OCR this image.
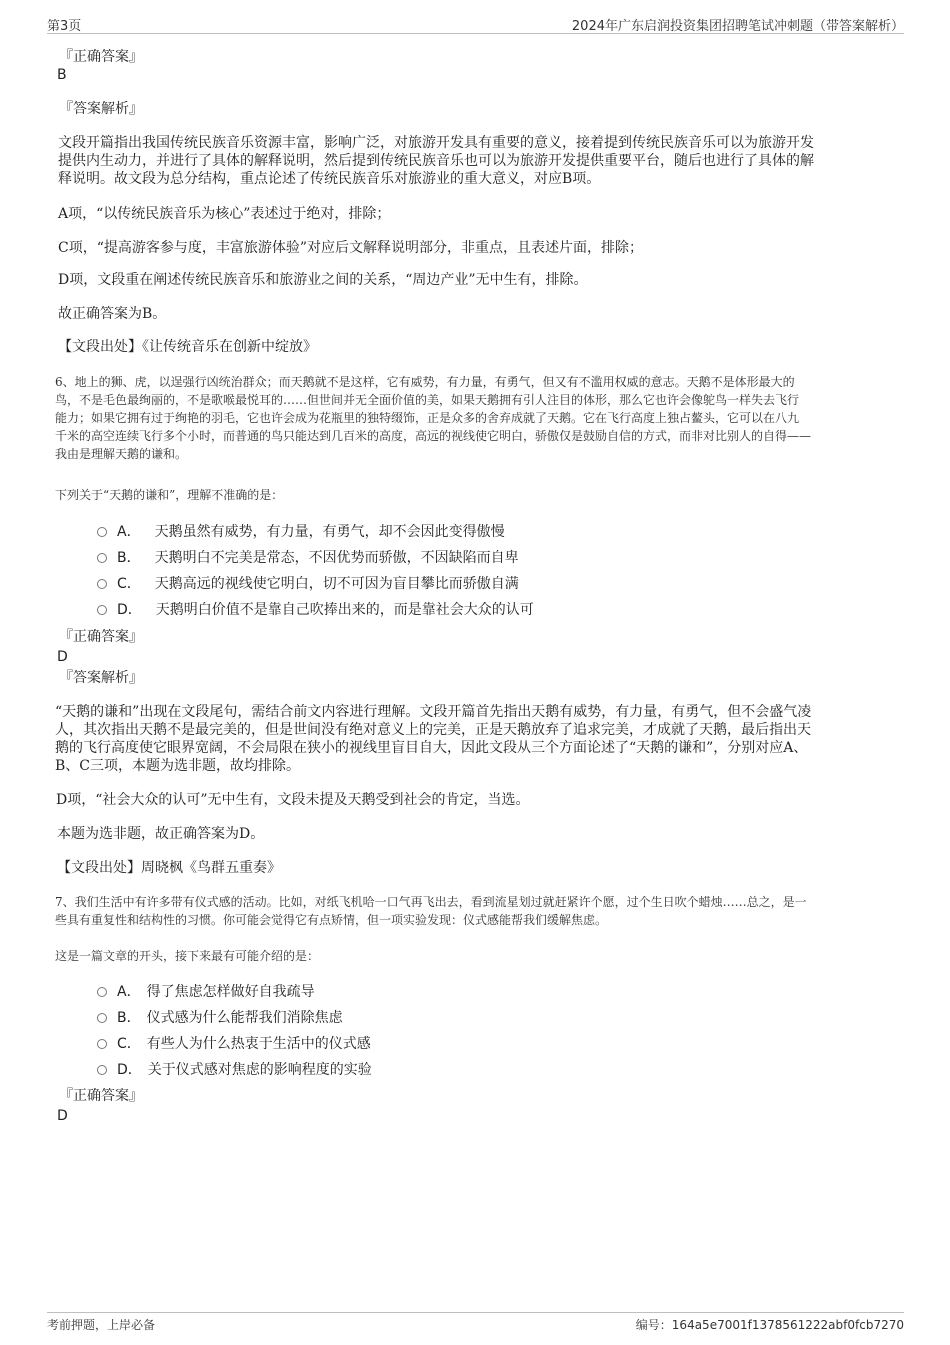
第3页	2024年广东启润投资集团招聘笔试冲刺题（带答案解析）
『正确答案』
B
『答案解析』
文段开篇指出我国传统民族音乐资源丰富，影响广泛，对旅游开发具有重要的意义，接着提到传统民族音乐可以为旅游开发
提供内生动力，并进行了具体的解释说明，然后提到传统民族音乐也可以为旅游开发提供重要平台，随后也进行了具体的解
释说明。故文段为总分结构，重点论述了传统民族音乐对旅游业的重大意义，对应B项。
A项，“以传统民族音乐为核心”表述过于绝对，排除；
C项，“提高游客参与度，丰富旅游体验”对应后文解释说明部分，非重点，且表述片面，排除；
D项，文段重在阐述传统民族音乐和旅游业之间的关系，“周边产业”无中生有，排除。
故正确答案为B。
【文段出处】《让传统音乐在创新中绽放》
6、地上的狮、虎，以逞强行凶统治群众；而天鹅就不是这样，它有威势，有力量，有勇气，但又有不滥用权威的意志。天鹅不是体形最大的
鸟，不是毛色最绚丽的，不是歌喉最悦耳的……但世间并无全面价值的美，如果天鹅拥有引人注目的体形，那么它也许会像鸵鸟一样失去飞行
能力；如果它拥有过于绚艳的羽毛，它也许会成为花瓶里的独特缀饰，正是众多的舍弃成就了天鹅。它在飞行高度上独占鳌头，它可以在八九
千米的高空连续飞行多个小时，而普通的鸟只能达到几百米的高度，高远的视线使它明白，骄傲仅是鼓励自信的方式，而非对比别人的自得——
我由是理解天鹅的谦和。
下列关于“天鹅的谦和”，理解不准确的是：
A． 天鹅虽然有威势，有力量，有勇气，却不会因此变得傲慢
B． 天鹅明白不完美是常态，不因优势而骄傲，不因缺陷而自卑
C． 天鹅高远的视线使它明白，切不可因为盲目攀比而骄傲自满
D． 天鹅明白价值不是靠自己吹捧出来的，而是靠社会大众的认可
『正确答案』
D
『答案解析』
“天鹅的谦和”出现在文段尾句，需结合前文内容进行理解。文段开篇首先指出天鹅有威势，有力量，有勇气，但不会盛气凌
人，其次指出天鹅不是最完美的，但是世间没有绝对意义上的完美，正是天鹅放弃了追求完美，才成就了天鹅，最后指出天
鹅的飞行高度使它眼界宽阔，不会局限在狭小的视线里盲目自大，因此文段从三个方面论述了“天鹅的谦和”，分别对应A、
B、C三项，本题为选非题，故均排除。
D项，“社会大众的认可”无中生有，文段未提及天鹅受到社会的肯定，当选。
本题为选非题，故正确答案为D。
【文段出处】周晓枫《鸟群五重奏》
7、我们生活中有许多带有仪式感的活动。比如，对纸飞机哈一口气再飞出去，看到流星划过就赶紧许个愿，过个生日吹个蜡烛……总之，是一
些具有重复性和结构性的习惯。你可能会觉得它有点矫情，但一项实验发现：仪式感能帮我们缓解焦虑。
这是一篇文章的开头，接下来最有可能介绍的是：
A． 得了焦虑怎样做好自我疏导
B． 仪式感为什么能帮我们消除焦虑
C． 有些人为什么热衷于生活中的仪式感
D． 关于仪式感对焦虑的影响程度的实验
『正确答案』
D
考前押题，上岸必备	编号：164a5e7001f1378561222abf0fcb7270
